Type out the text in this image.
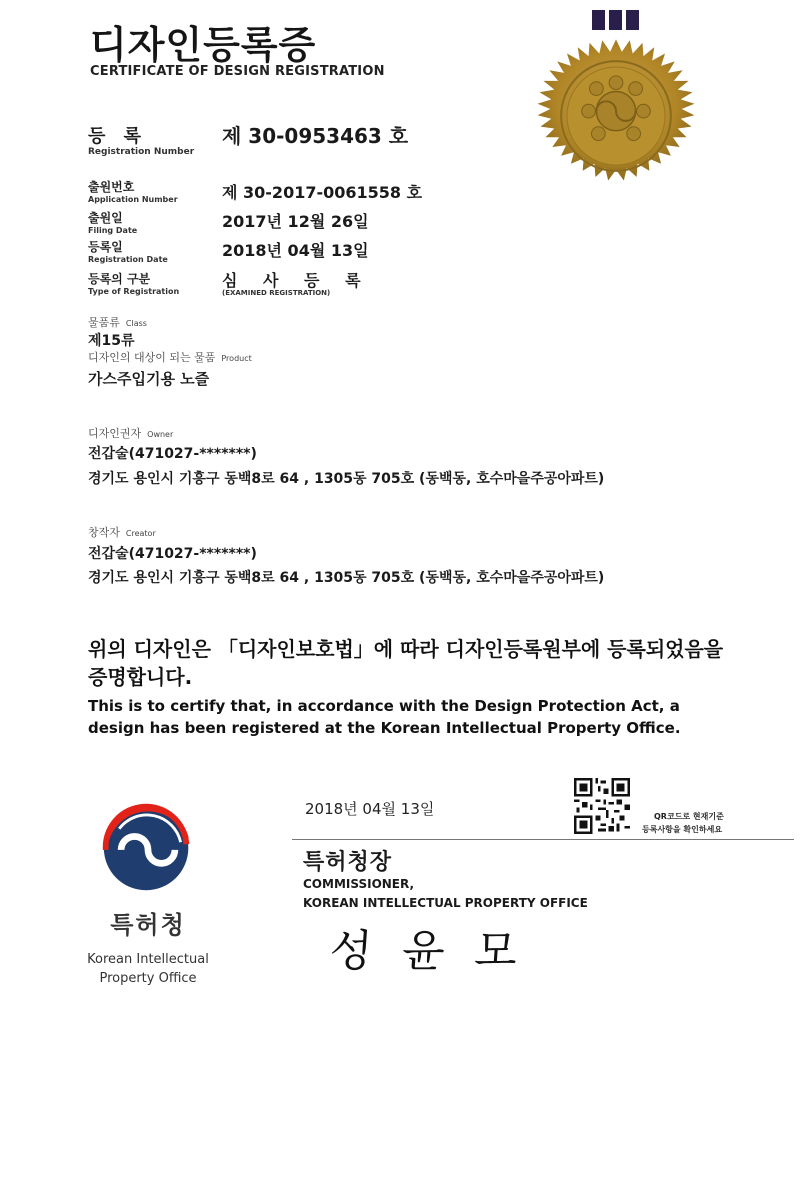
디자인등록증
CERTIFICATE OF DESIGN REGISTRATION
등 록
Registration Number
제 30-0953463 호
출원번호
Application Number	제 30-2017-0061558 호
출원일
Filing Date	2017년 12월 26일
등록일
Registration Date	2018년 04월 13일
등록의 구분
Type of Registration
심 사 등 록
(EXAMINED REGISTRATION)
물품류 Class
제15류
디자인의 대상이 되는 물품 Product
가스주입기용 노즐
디자인권자 Owner
전갑술(471027-*******)
경기도 용인시 기흥구 동백8로 64 , 1305동 705호 (동백동, 호수마을주공아파트)
창작자 Creator
전갑술(471027-*******)
경기도 용인시 기흥구 동백8로 64 , 1305동 705호 (동백동, 호수마을주공아파트)
위의 디자인은 「디자인보호법」에 따라 디자인등록원부에 등록되었음을 증명합니다.
This is to certify that, in accordance with the Design Protection Act, a design has been registered at the Korean Intellectual Property Office.
2018년 04월 13일	QR코드로 현재기준
등록사항을 확인하세요
특허청장
COMMISSIONER,
KOREAN INTELLECTUAL PROPERTY OFFICE
성윤모
특허청
Korean Intellectual
Property Office
